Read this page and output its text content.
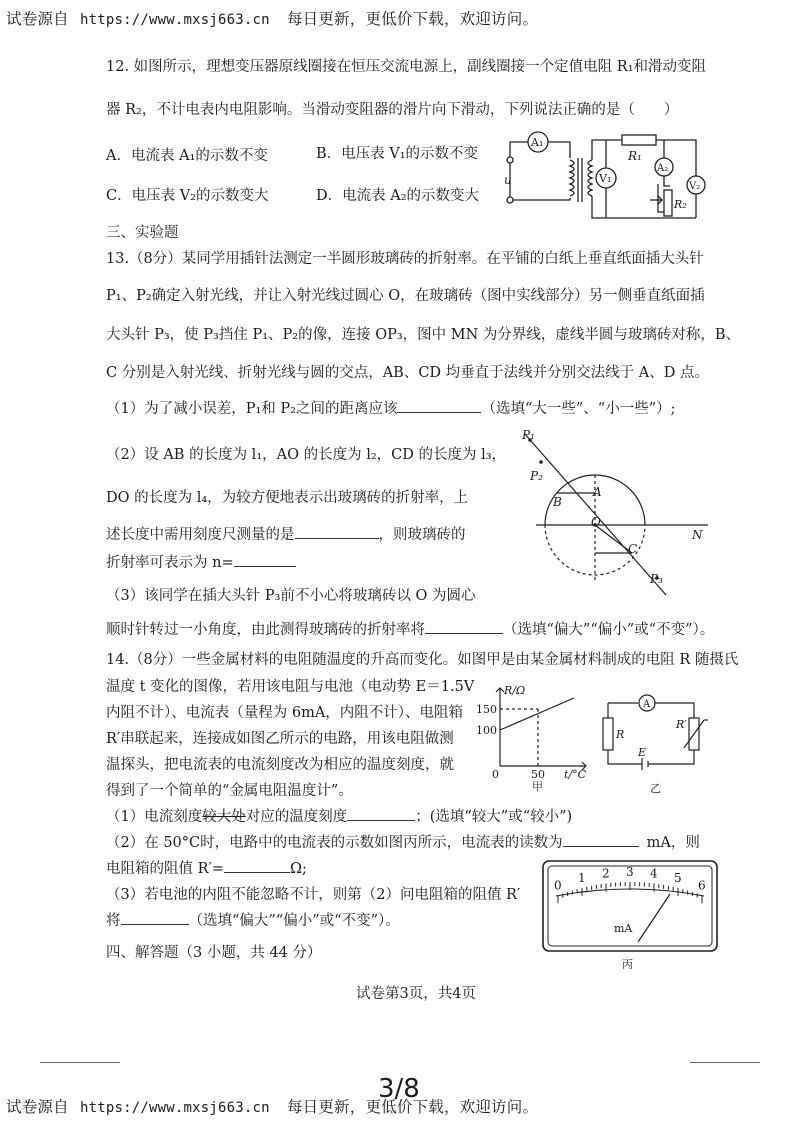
试卷源自 https://www.mxsj663.cn 每日更新，更低价下载，欢迎访问。
12. 如图所示，理想变压器原线圈接在恒压交流电源上，副线圈接一个定值电阻 R₁和滑动变阻
器 R₂，不计电表内电阻影响。当滑动变阻器的滑片向下滑动，下列说法正确的是（　　）
A．电流表 A₁的示数不变	B．电压表 V₁的示数不变
C．电压表 V₂的示数变大	D．电流表 A₂的示数变大
A₁
V₁
R₁
A₂
V₂
R₂
u
三、实验题
13.（8分）某同学用插针法测定一半圆形玻璃砖的折射率。在平铺的白纸上垂直纸面插大头针
P₁、P₂确定入射光线，并让入射光线过圆心 O，在玻璃砖（图中实线部分）另一侧垂直纸面插
大头针 P₃，使 P₃挡住 P₁、P₂的像，连接 OP₃，图中 MN 为分界线，虚线半圆与玻璃砖对称，B、
C 分别是入射光线、折射光线与圆的交点，AB、CD 均垂直于法线并分别交法线于 A、D 点。
（1）为了减小误差，P₁和 P₂之间的距离应该	（选填“大一些”、“小一些”）;
（2）设 AB 的长度为 l₁，AO 的长度为 l₂，CD 的长度为 l₃，
DO 的长度为 l₄，为较方便地表示出玻璃砖的折射率，上
述长度中需用刻度尺测量的是	，则玻璃砖的
折射率可表示为 n=
（3）该同学在插大头针 P₃前不小心将玻璃砖以 O 为圆心
顺时针转过一小角度，由此测得玻璃砖的折射率将	（选填“偏大”“偏小”或“不变”）。
P₁
P₂
P₃
A
B
O
C
N
14.（8分）一些金属材料的电阻随温度的升高而变化。如图甲是由某金属材料制成的电阻 R 随摄氏
温度 t 变化的图像，若用该电阻与电池（电动势 E＝1.5V
内阻不计）、电流表（量程为 6mA，内阻不计）、电阻箱
R′串联起来，连接成如图乙所示的电路，用该电阻做测
温探头，把电流表的电流刻度改为相应的温度刻度，就
得到了一个简单的“金属电阻温度计”。
（1）电流刻度较大处对应的温度刻度	；(选填“较大”或“较小”)
（2）在 50°C时，电路中的电流表的示数如图丙所示，电流表的读数为	mA，则
电阻箱的阻值 R′=	Ω;
（3）若电池的内阻不能忽略不计，则第（2）问电阻箱的阻值 R′
将	（选填“偏大”“偏小”或“不变”）。
R/Ω
150
100
0	50 t/°C
甲
A
R
R′
E
乙
0
1 2 3 4 5
6
mA
丙
四、解答题（3 小题，共 44 分）
试卷第3页，共4页
3/8
试卷源自 https://www.mxsj663.cn 每日更新，更低价下载，欢迎访问。
